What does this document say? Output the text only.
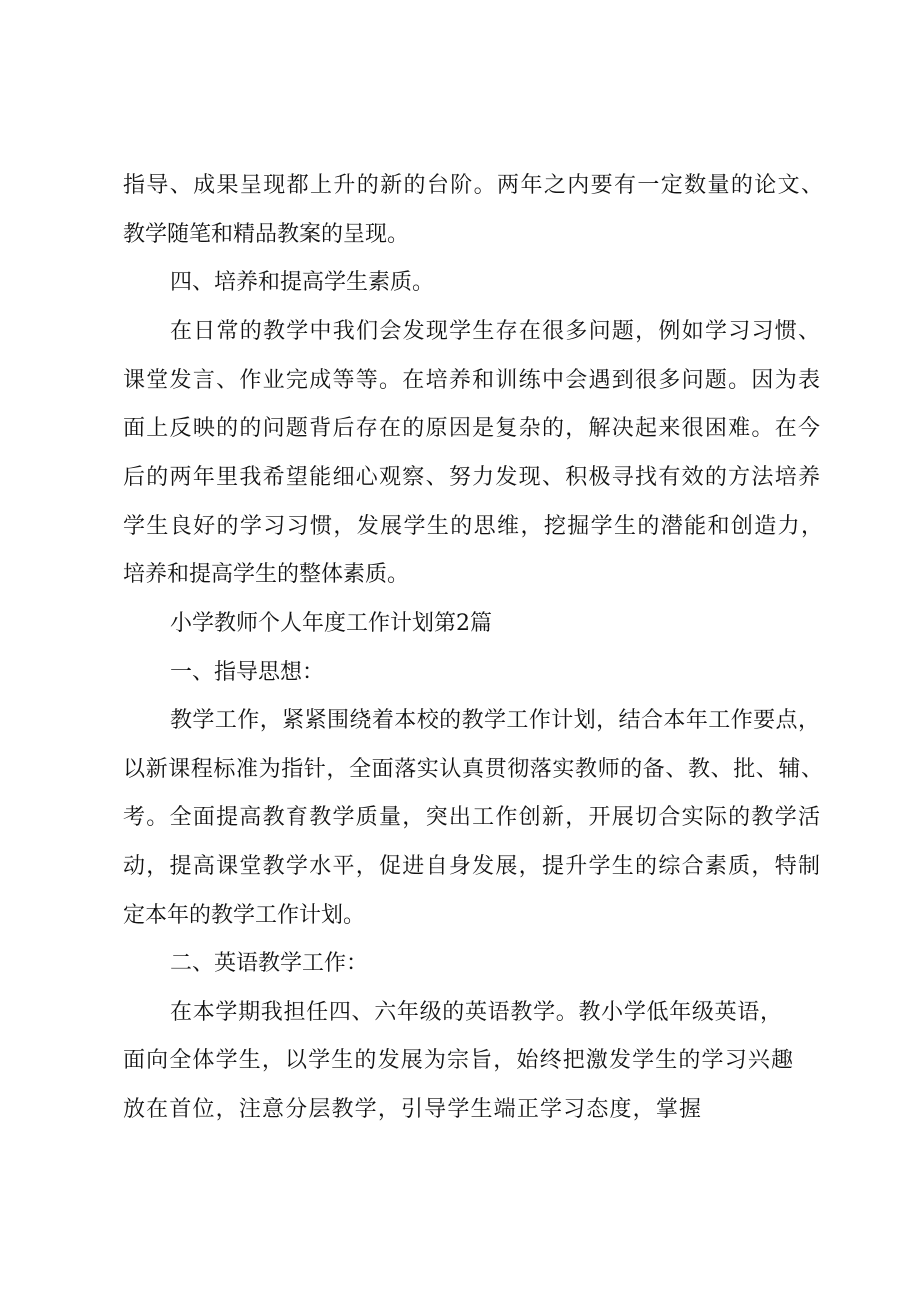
指导、成果呈现都上升的新的台阶。两年之内要有一定数量的论文、
教学随笔和精品教案的呈现。
四、培养和提高学生素质。
在日常的教学中我们会发现学生存在很多问题，例如学习习惯、
课堂发言、作业完成等等。在培养和训练中会遇到很多问题。因为表
面上反映的的问题背后存在的原因是复杂的，解决起来很困难。在今
后的两年里我希望能细心观察、努力发现、积极寻找有效的方法培养
学生良好的学习习惯，发展学生的思维，挖掘学生的潜能和创造力，
培养和提高学生的整体素质。
小学教师个人年度工作计划第2篇
一、指导思想：
教学工作，紧紧围绕着本校的教学工作计划，结合本年工作要点，
以新课程标准为指针，全面落实认真贯彻落实教师的备、教、批、辅、
考。全面提高教育教学质量，突出工作创新，开展切合实际的教学活
动，提高课堂教学水平，促进自身发展，提升学生的综合素质，特制
定本年的教学工作计划。
二、英语教学工作：
在本学期我担任四、六年级的英语教学。教小学低年级英语，
面向全体学生，以学生的发展为宗旨，始终把激发学生的学习兴趣
放在首位，注意分层教学，引导学生端正学习态度，掌握
